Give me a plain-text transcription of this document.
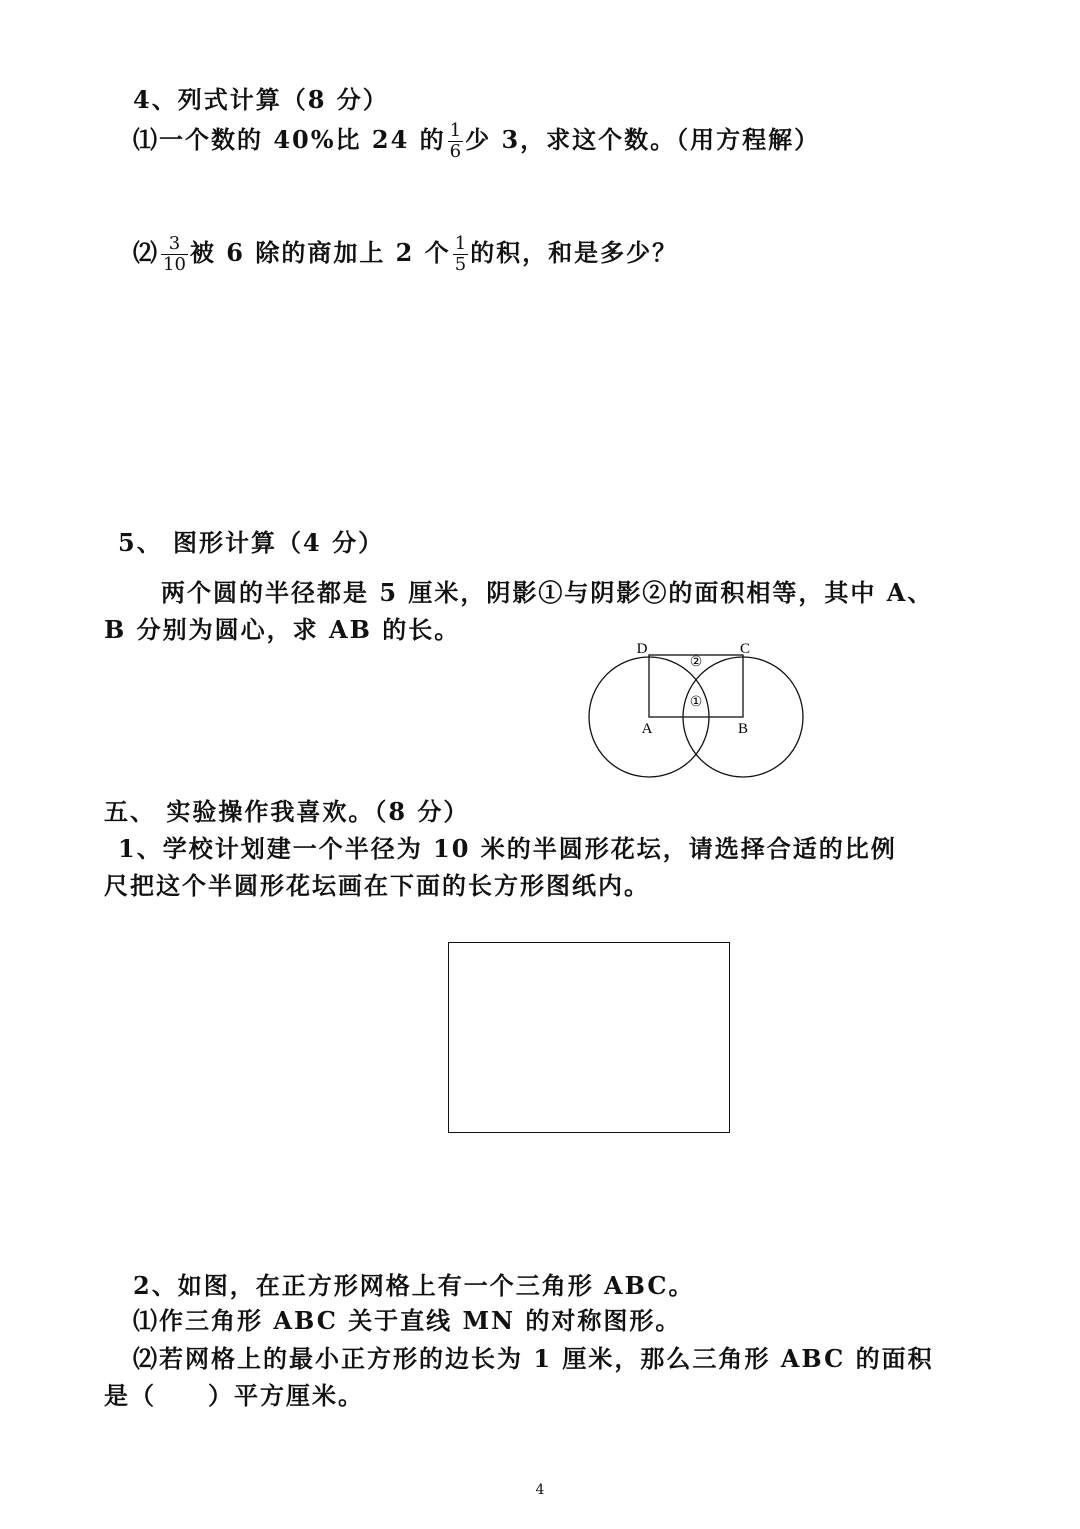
4、列式计算（8 分）
⑴一个数的 40%比 24 的 $\frac{1}{6}$ 少 3，求这个数。（用方程解）
⑵ $\frac{3}{10}$ 被 6 除的商加上 2 个 $\frac{1}{5}$ 的积，和是多少？
5、 图形计算（4 分）
两个圆的半径都是 5 厘米，阴影①与阴影②的面积相等，其中 A、
B 分别为圆心，求 AB 的长。
D	C
A	B
②
①
五、 实验操作我喜欢。（8 分）
1、学校计划建一个半径为 10 米的半圆形花坛，请选择合适的比例
尺把这个半圆形花坛画在下面的长方形图纸内。
2、如图，在正方形网格上有一个三角形 ABC。
⑴作三角形 ABC 关于直线 MN 的对称图形。
⑵若网格上的最小正方形的边长为 1 厘米，那么三角形 ABC 的面积
是（　　）平方厘米。
4
